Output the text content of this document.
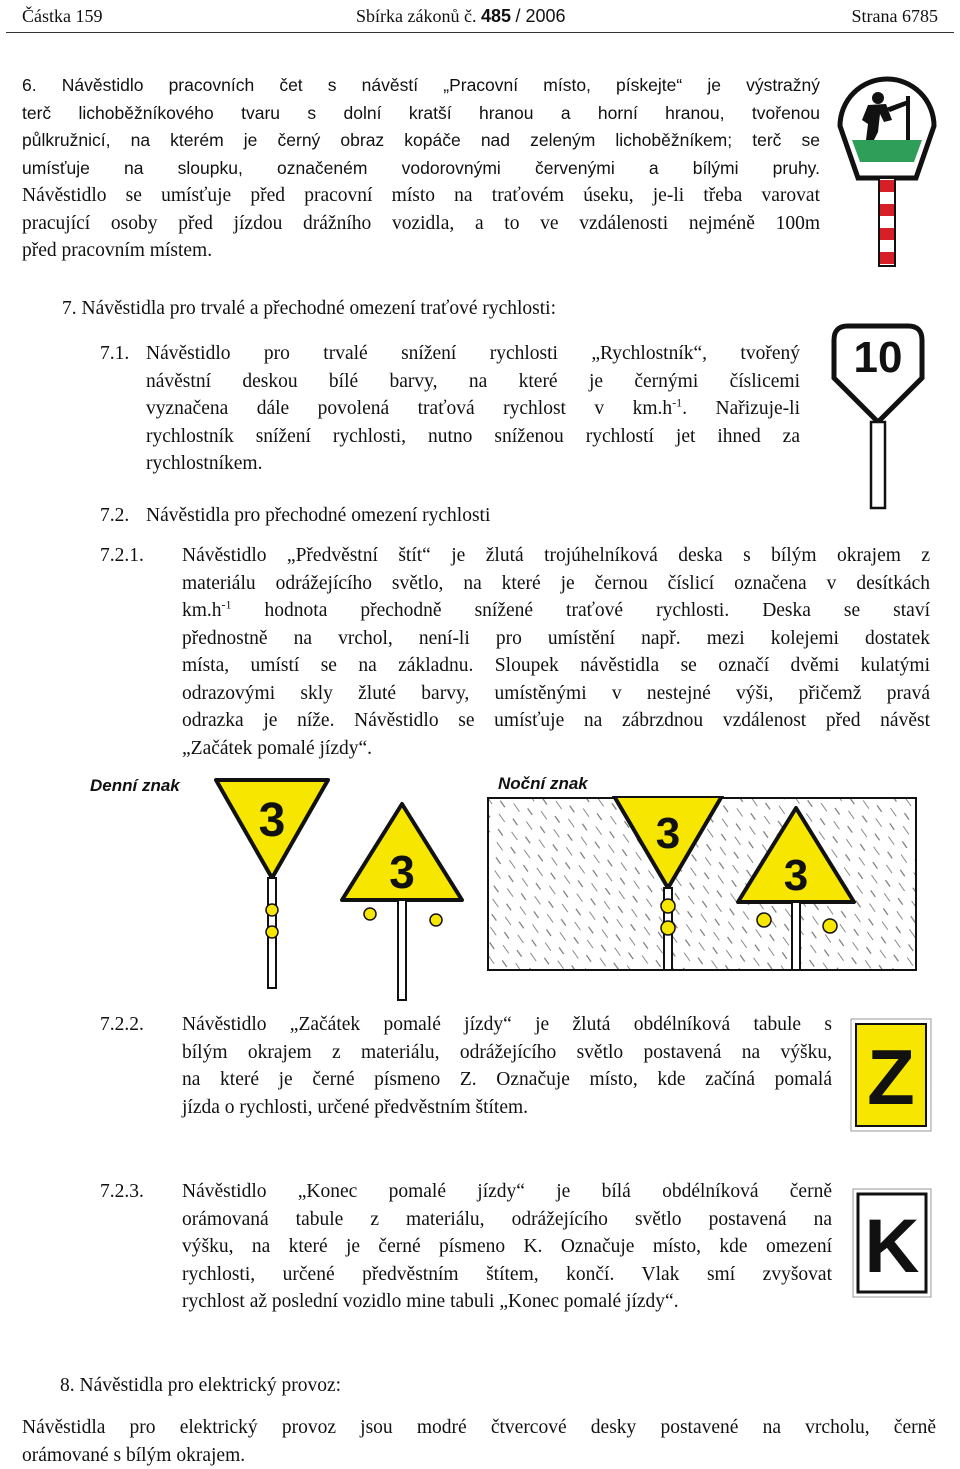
Částka 159	Sbírka zákonů č. 485 / 2006	Strana 6785
6. Návěstidlo pracovních čet s návěstí „Pracovní místo, pískejte“ je výstražný
terč lichoběžníkového tvaru s dolní kratší hranou a horní hranou, tvořenou
půlkružnicí, na kterém je černý obraz kopáče nad zeleným lichoběžníkem; terč se
umísťuje na sloupku, označeném vodorovnými červenými a bílými pruhy.
Návěstidlo se umísťuje před pracovní místo na traťovém úseku, je-li třeba varovat
pracující osoby před jízdou drážního vozidla, a to ve vzdálenosti nejméně 100m
před pracovním místem.
7. Návěstidla pro trvalé a přechodné omezení traťové rychlosti:
7.1. Návěstidlo pro trvalé snížení rychlosti „Rychlostník“, tvořený
návěstní deskou bílé barvy, na které je černými číslicemi
vyznačena dále povolená traťová rychlost v $km.h^{-1}$. Nařizuje-li
rychlostník snížení rychlosti, nutno sníženou rychlostí jet ihned za
rychlostníkem.
10
7.2. Návěstidla pro přechodné omezení rychlosti
7.2.1. Návěstidlo „Předvěstní štít“ je žlutá trojúhelníková deska s bílým okrajem z
materiálu odrážejícího světlo, na které je černou číslicí označena v desítkách
$km.h^{-1}$ hodnota přechodně snížené traťové rychlosti. Deska se staví
přednostně na vrchol, není-li pro umístění např. mezi kolejemi dostatek
místa, umístí se na základnu. Sloupek návěstidla se označí dvěmi kulatými
odrazovými skly žluté barvy, umístěnými v nestejné výši, přičemž pravá
odrazka je níže. Návěstidlo se umísťuje na zábrzdnou vzdálenost před návěst
„Začátek pomalé jízdy“.
Denní znak	Noční znak
3
3
3
3
7.2.2. Návěstidlo „Začátek pomalé jízdy“ je žlutá obdélníková tabule s
bílým okrajem z materiálu, odrážejícího světlo postavená na výšku,
na které je černé písmeno Z. Označuje místo, kde začíná pomalá
jízda o rychlosti, určené předvěstním štítem.	Z
7.2.3. Návěstidlo „Konec pomalé jízdy“ je bílá obdélníková černě
orámovaná tabule z materiálu, odrážejícího světlo postavená na
výšku, na které je černé písmeno K. Označuje místo, kde omezení
rychlosti, určené předvěstním štítem, končí. Vlak smí zvyšovat
rychlost až poslední vozidlo mine tabuli „Konec pomalé jízdy“.
K
8. Návěstidla pro elektrický provoz:
Návěstidla pro elektrický provoz jsou modré čtvercové desky postavené na vrcholu, černě
orámované s bílým okrajem.
